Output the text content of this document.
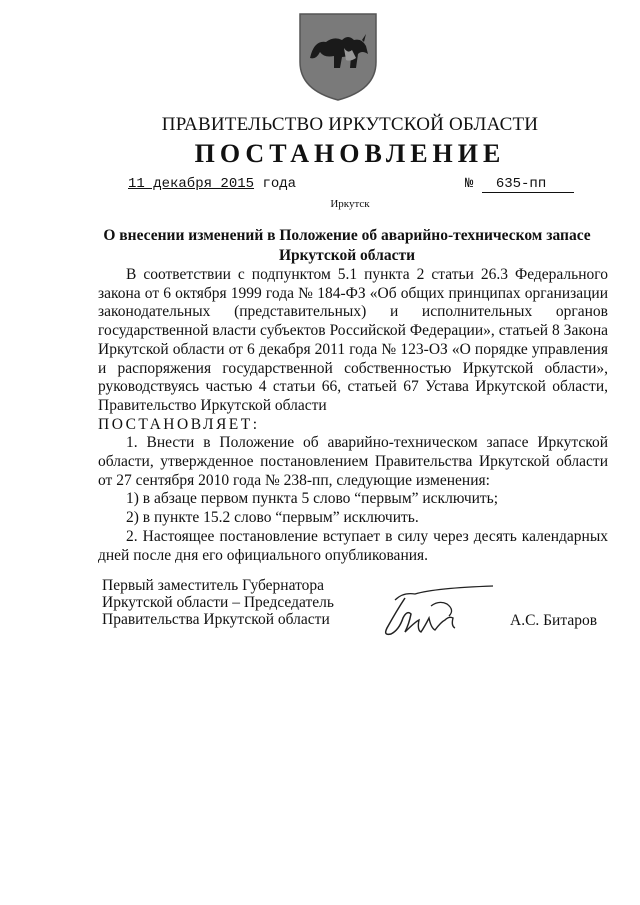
ПРАВИТЕЛЬСТВО ИРКУТСКОЙ ОБЛАСТИ
ПОСТАНОВЛЕНИЕ
11 декабря 2015 года	№ 635-пп
Иркутск
О внесении изменений в Положение об аварийно-техническом запасе Иркутской области

В соответствии с подпунктом 5.1 пункта 2 статьи 26.3 Федерального закона от 6 октября 1999 года № 184-ФЗ «Об общих принципах организации законодательных (представительных) и исполнительных органов государственной власти субъектов Российской Федерации», статьей 8 Закона Иркутской области от 6 декабря 2011 года № 123-ОЗ «О порядке управления и распоряжения государственной собственностью Иркутской области», руководствуясь частью 4 статьи 66, статьей 67 Устава Иркутской области, Правительство Иркутской области

ПОСТАНОВЛЯЕТ:

1. Внести в Положение об аварийно-техническом запасе Иркутской области, утвержденное постановлением Правительства Иркутской области от 27 сентября 2010 года № 238-пп, следующие изменения:

1) в абзаце первом пункта 5 слово “первым” исключить;

2) в пункте 15.2 слово “первым” исключить.

2. Настоящее постановление вступает в силу через десять календарных дней после дня его официального опубликования.

Первый заместитель Губернатора
Иркутской области – Председатель
Правительства Иркутской области	А.С. Битаров
